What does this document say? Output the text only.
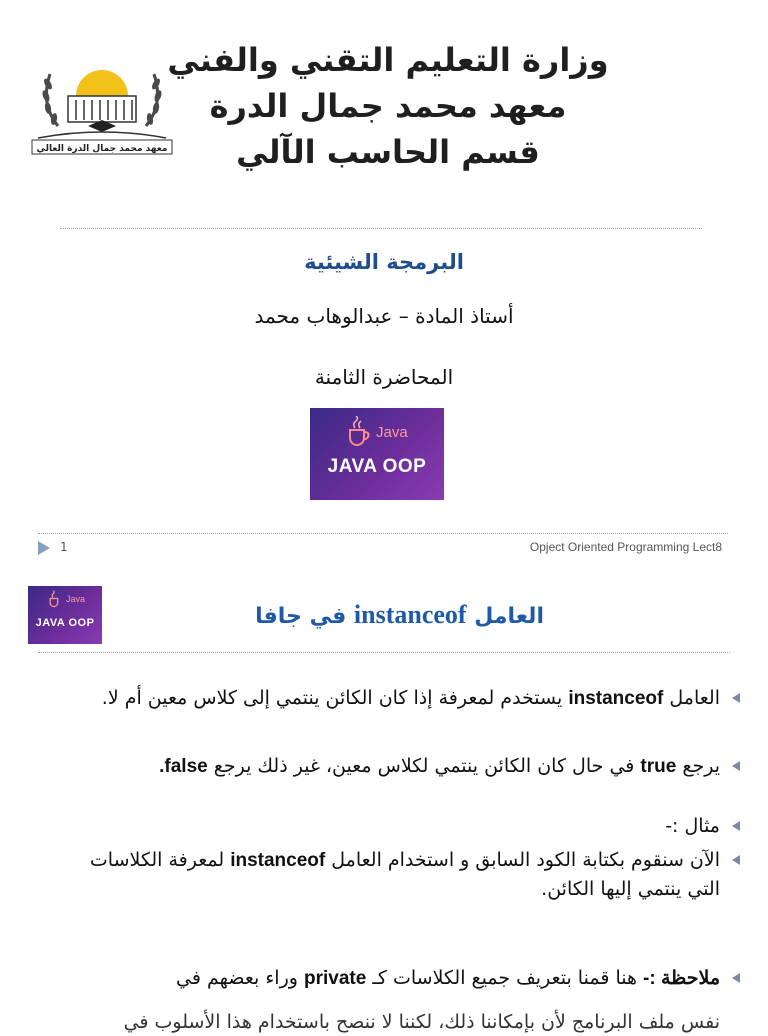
معهد محمد جمال الدرة العالي
وزارة التعليم التقني والفني
معهد محمد جمال الدرة
قسم الحاسب الآلي
البرمجة الشيئية
أستاذ المادة – عبدالوهاب محمد
المحاضرة الثامنة
Java
JAVA OOP
1	Opject Oriented Programming Lect8
Java
JAVA OOP	العامل instanceof في جافا
العامل instanceof يستخدم لمعرفة إذا كان الكائن ينتمي إلى كلاس معين أم لا.
يرجع true في حال كان الكائن ينتمي لكلاس معين، غير ذلك يرجع false.
مثال :-
الآن سنقوم بكتابة الكود السابق و استخدام العامل instanceof لمعرفة الكلاسات التي ينتمي إليها الكائن.
ملاحظة :- هنا قمنا بتعريف جميع الكلاسات كـ private وراء بعضهم في
نفس ملف البرنامج لأن بإمكاننا ذلك، لكننا لا ننصح باستخدام هذا الأسلوب في
